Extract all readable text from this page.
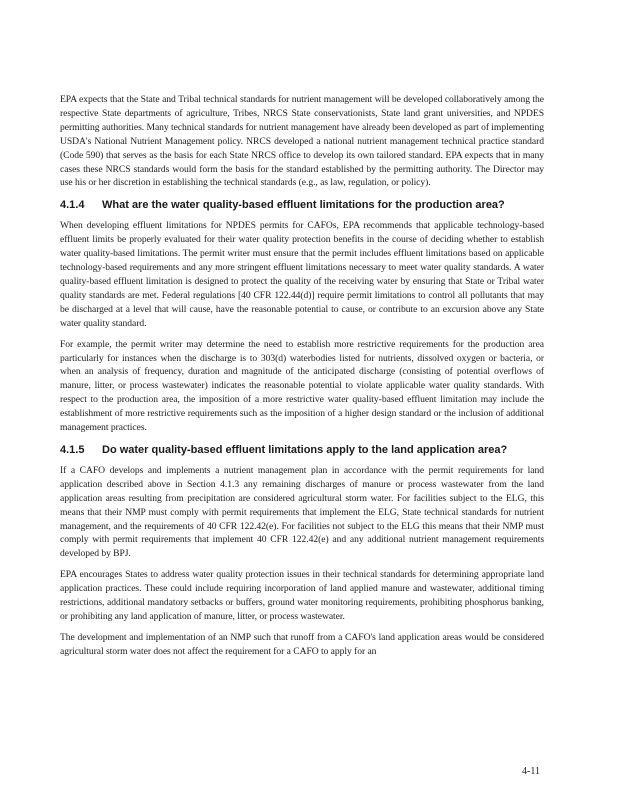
EPA expects that the State and Tribal technical standards for nutrient management will be developed collaboratively among the respective State departments of agriculture, Tribes, NRCS State conservationists, State land grant universities, and NPDES permitting authorities. Many technical standards for nutrient management have already been developed as part of implementing USDA's National Nutrient Management policy. NRCS developed a national nutrient management technical practice standard (Code 590) that serves as the basis for each State NRCS office to develop its own tailored standard. EPA expects that in many cases these NRCS standards would form the basis for the standard established by the permitting authority. The Director may use his or her discretion in establishing the technical standards (e.g., as law, regulation, or policy).

4.1.4	What are the water quality-based effluent limitations for the production area?

When developing effluent limitations for NPDES permits for CAFOs, EPA recommends that applicable technology-based effluent limits be properly evaluated for their water quality protection benefits in the course of deciding whether to establish water quality-based limitations. The permit writer must ensure that the permit includes effluent limitations based on applicable technology-based requirements and any more stringent effluent limitations necessary to meet water quality standards. A water quality-based effluent limitation is designed to protect the quality of the receiving water by ensuring that State or Tribal water quality standards are met. Federal regulations [40 CFR 122.44(d)] require permit limitations to control all pollutants that may be discharged at a level that will cause, have the reasonable potential to cause, or contribute to an excursion above any State water quality standard.

For example, the permit writer may determine the need to establish more restrictive requirements for the production area particularly for instances when the discharge is to 303(d) waterbodies listed for nutrients, dissolved oxygen or bacteria, or when an analysis of frequency, duration and magnitude of the anticipated discharge (consisting of potential overflows of manure, litter, or process wastewater) indicates the reasonable potential to violate applicable water quality standards. With respect to the production area, the imposition of a more restrictive water quality-based effluent limitation may include the establishment of more restrictive requirements such as the imposition of a higher design standard or the inclusion of additional management practices.

4.1.5	Do water quality-based effluent limitations apply to the land application area?

If a CAFO develops and implements a nutrient management plan in accordance with the permit requirements for land application described above in Section 4.1.3 any remaining discharges of manure or process wastewater from the land application areas resulting from precipitation are considered agricultural storm water. For facilities subject to the ELG, this means that their NMP must comply with permit requirements that implement the ELG, State technical standards for nutrient management, and the requirements of 40 CFR 122.42(e). For facilities not subject to the ELG this means that their NMP must comply with permit requirements that implement 40 CFR 122.42(e) and any additional nutrient management requirements developed by BPJ.

EPA encourages States to address water quality protection issues in their technical standards for determining appropriate land application practices. These could include requiring incorporation of land applied manure and wastewater, additional timing restrictions, additional mandatory setbacks or buffers, ground water monitoring requirements, prohibiting phosphorus banking, or prohibiting any land application of manure, litter, or process wastewater.

The development and implementation of an NMP such that runoff from a CAFO's land application areas would be considered agricultural storm water does not affect the requirement for a CAFO to apply for an

4-11
